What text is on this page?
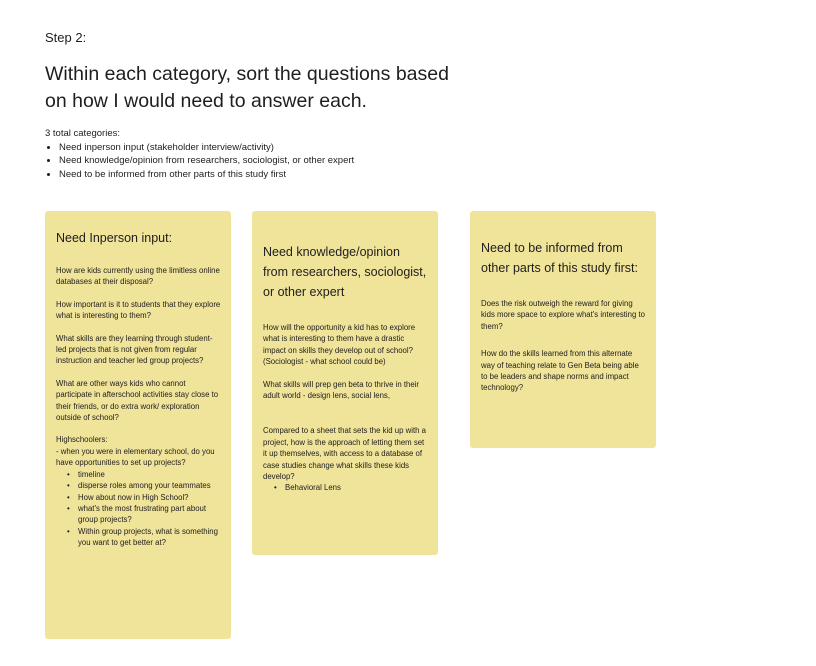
Step 2:
Within each category, sort the questions based on how I would need to answer each.
3 total categories:
• Need inperson input (stakeholder interview/activity)
• Need knowledge/opinion from researchers, sociologist, or other expert
• Need to be informed from other parts of this study first
Need Inperson input:
How are kids currently using the limitless online databases at their disposal?
How important is it to students that they explore what is interesting to them?
What skills are they learning through student-led projects that is not given from regular instruction and teacher led group projects?
What are other ways kids who cannot participate in afterschool activities stay close to their friends, or do extra work/ exploration outside of school?
Highschoolers:
- when you were in elementary school, do you have opportunities to set up projects?
• timeline
• disperse roles among your teammates
• How about now in High School?
• what's the most frustrating part about group projects?
• Within group projects, what is something you want to get better at?
Need knowledge/opinion from researchers, sociologist, or other expert
How will the opportunity a kid has to explore what is interesting to them have a drastic impact on skills they develop out of school? (Sociologist - what school could be)
What skills will prep gen beta to thrive in their adult world - design lens, social lens,
Compared to a sheet that sets the kid up with a project, how is the approach of letting them set it up themselves, with access to a database of case studies change what skills these kids develop?
• Behavioral Lens
Need to be informed from other parts of this study first:
Does the risk outweigh the reward for giving kids more space to explore what's interesting to them?
How do the skills learned from this alternate way of teaching relate to Gen Beta being able to be leaders and shape norms and impact technology?
